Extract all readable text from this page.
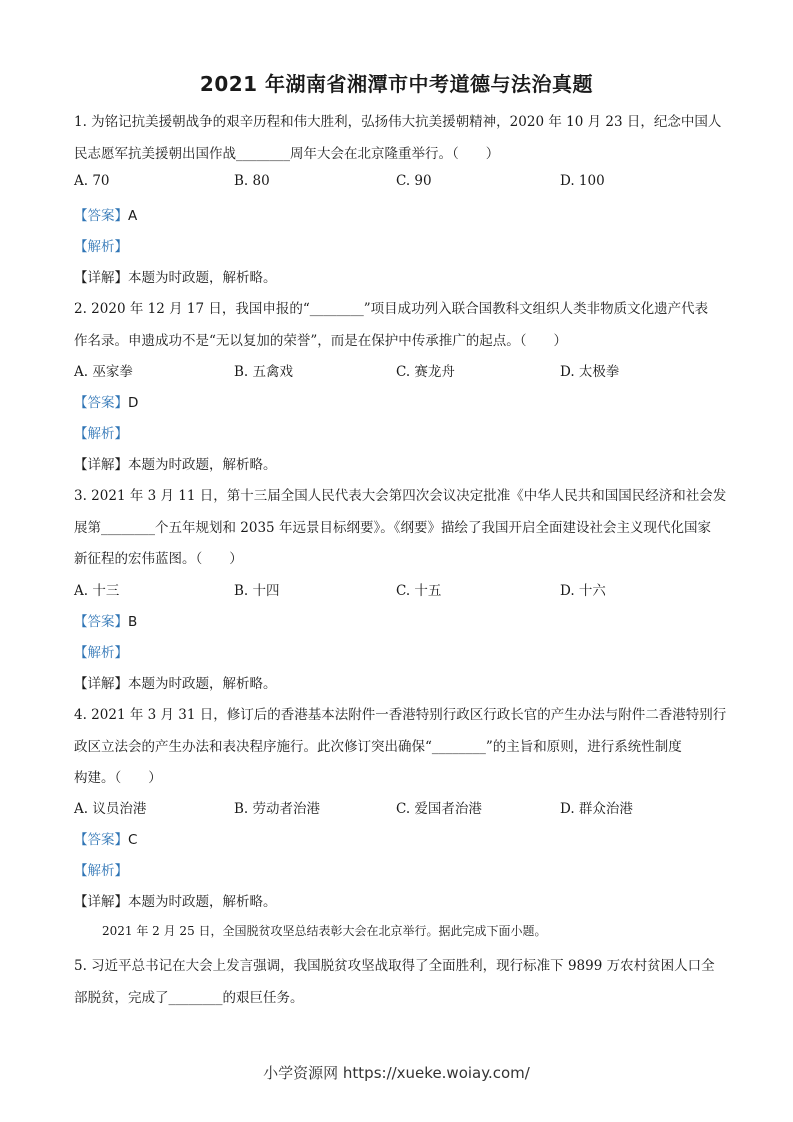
2021 年湖南省湘潭市中考道德与法治真题
1. 为铭记抗美援朝战争的艰辛历程和伟大胜利，弘扬伟大抗美援朝精神，2020 年 10 月 23 日，纪念中国人
民志愿军抗美援朝出国作战________周年大会在北京隆重举行。（　　）
A. 70	B. 80	C. 90	D. 100
【答案】A
【解析】
【详解】本题为时政题，解析略。
2. 2020 年 12 月 17 日，我国申报的“________”项目成功列入联合国教科文组织人类非物质文化遗产代表
作名录。申遗成功不是“无以复加的荣誉”，而是在保护中传承推广的起点。（　　）
A. 巫家拳	B. 五禽戏	C. 赛龙舟	D. 太极拳
【答案】D
【解析】
【详解】本题为时政题，解析略。
3. 2021 年 3 月 11 日，第十三届全国人民代表大会第四次会议决定批准《中华人民共和国国民经济和社会发
展第________个五年规划和 2035 年远景目标纲要》。《纲要》描绘了我国开启全面建设社会主义现代化国家
新征程的宏伟蓝图。（　　）
A. 十三	B. 十四	C. 十五	D. 十六
【答案】B
【解析】
【详解】本题为时政题，解析略。
4. 2021 年 3 月 31 日，修订后的香港基本法附件一香港特别行政区行政长官的产生办法与附件二香港特别行
政区立法会的产生办法和表决程序施行。此次修订突出确保“________”的主旨和原则，进行系统性制度
构建。（　　）
A. 议员治港	B. 劳动者治港	C. 爱国者治港	D. 群众治港
【答案】C
【解析】
【详解】本题为时政题，解析略。
2021 年 2 月 25 日，全国脱贫攻坚总结表彰大会在北京举行。据此完成下面小题。
5. 习近平总书记在大会上发言强调，我国脱贫攻坚战取得了全面胜利，现行标准下 9899 万农村贫困人口全
部脱贫，完成了________的艰巨任务。
小学资源网 https://xueke.woiay.com/
